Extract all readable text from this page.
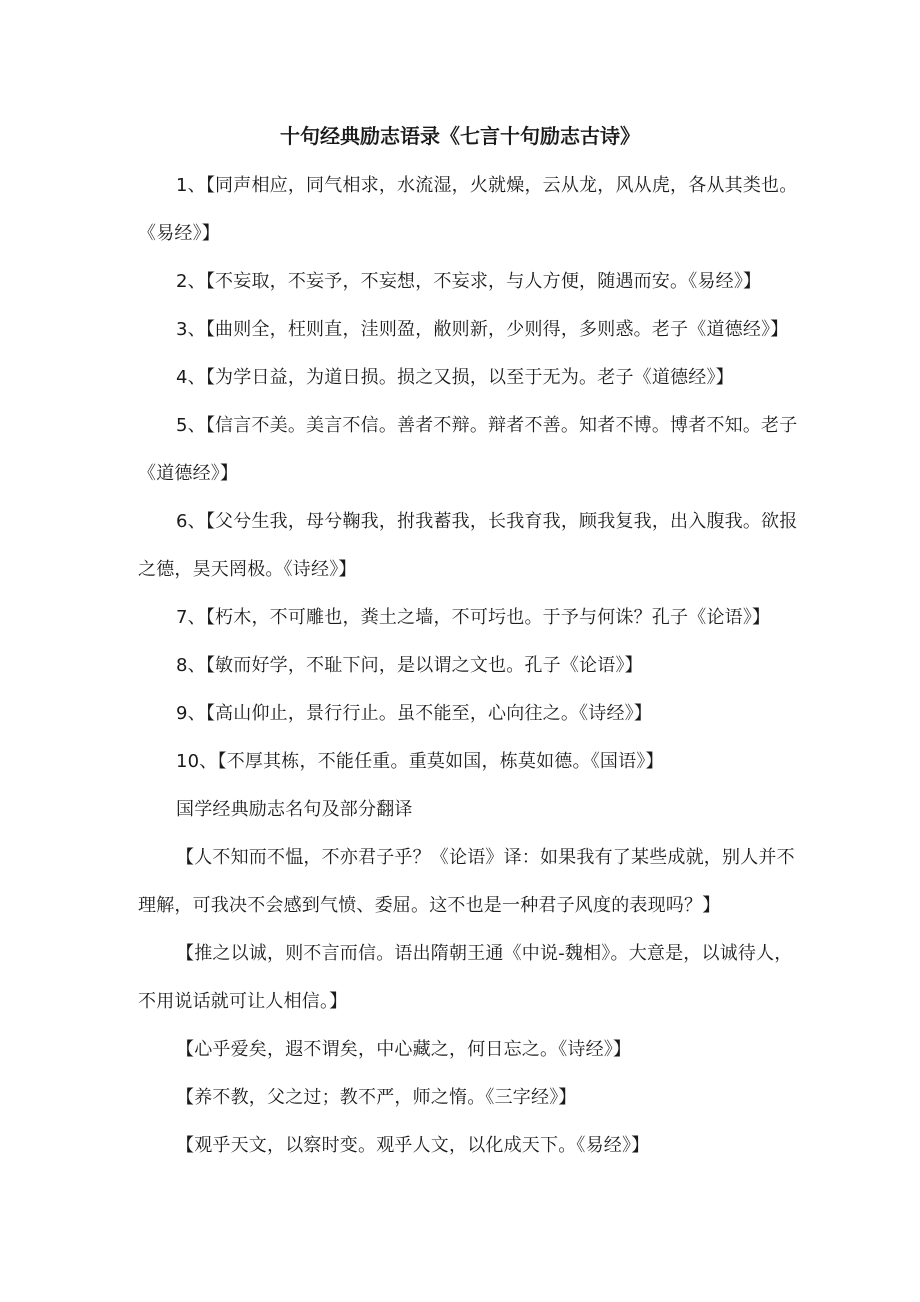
十句经典励志语录《七言十句励志古诗》
1、【同声相应，同气相求，水流湿，火就燥，云从龙，风从虎，各从其类也。《易经》】
2、【不妄取，不妄予，不妄想，不妄求，与人方便，随遇而安。《易经》】
3、【曲则全，枉则直，洼则盈，敝则新，少则得，多则惑。老子《道德经》】
4、【为学日益，为道日损。损之又损，以至于无为。老子《道德经》】
5、【信言不美。美言不信。善者不辩。辩者不善。知者不博。博者不知。老子《道德经》】
6、【父兮生我，母兮鞠我，拊我蓄我，长我育我，顾我复我，出入腹我。欲报之德，昊天罔极。《诗经》】
7、【朽木，不可雕也，粪土之墙，不可圬也。于予与何诛？孔子《论语》】
8、【敏而好学，不耻下问，是以谓之文也。孔子《论语》】
9、【高山仰止，景行行止。虽不能至，心向往之。《诗经》】
10、【不厚其栋，不能任重。重莫如国，栋莫如德。《国语》】
国学经典励志名句及部分翻译
【人不知而不愠，不亦君子乎？《论语》译：如果我有了某些成就，别人并不理解，可我决不会感到气愤、委屈。这不也是一种君子风度的表现吗？】
【推之以诚，则不言而信。语出隋朝王通《中说-魏相》。大意是，以诚待人，不用说话就可让人相信。】
【心乎爱矣，遐不谓矣，中心藏之，何日忘之。《诗经》】
【养不教，父之过；教不严，师之惰。《三字经》】
【观乎天文，以察时变。观乎人文，以化成天下。《易经》】
